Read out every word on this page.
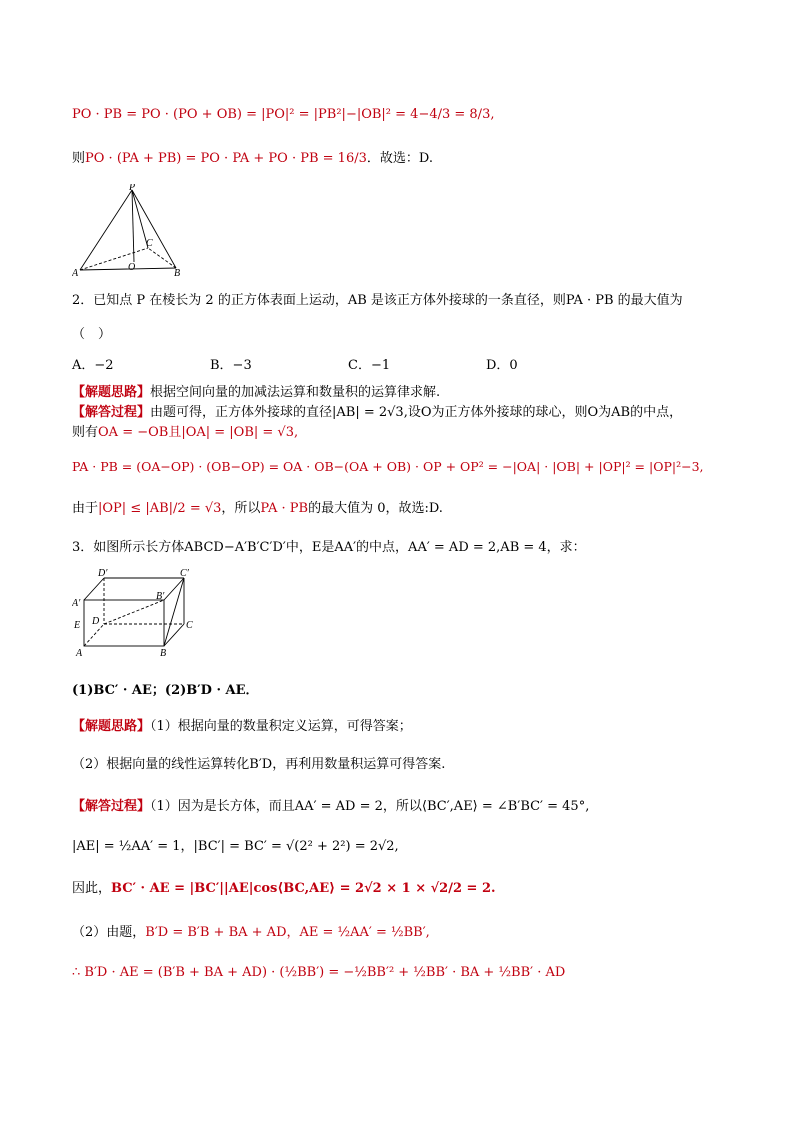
PO · PB = PO · (PO + OB) = |PO|² = |PB²|−|OB|² = 4−4/3 = 8/3,
则PO · (PA + PB) = PO · PA + PO · PB = 16/3．故选：D.
P
C
O
A	B
2．已知点 P 在棱长为 2 的正方体表面上运动，AB 是该正方体外接球的一条直径，则PA · PB 的最大值为
（　）
A．−2	B．−3	C．−1	D．0
【解题思路】根据空间向量的加减法运算和数量积的运算律求解.
【解答过程】由题可得，正方体外接球的直径|AB| = 2√3,设O为正方体外接球的球心，则O为AB的中点，
则有OA = −OB且|OA| = |OB| = √3,
PA · PB = (OA−OP) · (OB−OP) = OA · OB−(OA + OB) · OP + OP² = −|OA| · |OB| + |OP|² = |OP|²−3,
由于|OP| ≤ |AB|/2 = √3，所以PA · PB的最大值为 0，故选:D.
3．如图所示长方体ABCD−A′B′C′D′中，E是AA′的中点，AA′ = AD = 2,AB = 4，求：
D′	C′
A′
B′
E D	C
A	B
(1)BC′ · AE；(2)B′D · AE．
【解题思路】（1）根据向量的数量积定义运算，可得答案；
（2）根据向量的线性运算转化B′D，再利用数量积运算可得答案.
【解答过程】（1）因为是长方体，而且AA′ = AD = 2，所以⟨BC′,AE⟩ = ∠B′BC′ = 45°,
|AE| = ½AA′ = 1，|BC′| = BC′ = √(2² + 2²) = 2√2,
因此，BC′ · AE = |BC′||AE|cos⟨BC,AE⟩ = 2√2 × 1 × √2/2 = 2.
（2）由题，B′D = B′B + BA + AD，AE = ½AA′ = ½BB′,
∴ B′D · AE = (B′B + BA + AD) · (½BB′) = −½BB′² + ½BB′ · BA + ½BB′ · AD
